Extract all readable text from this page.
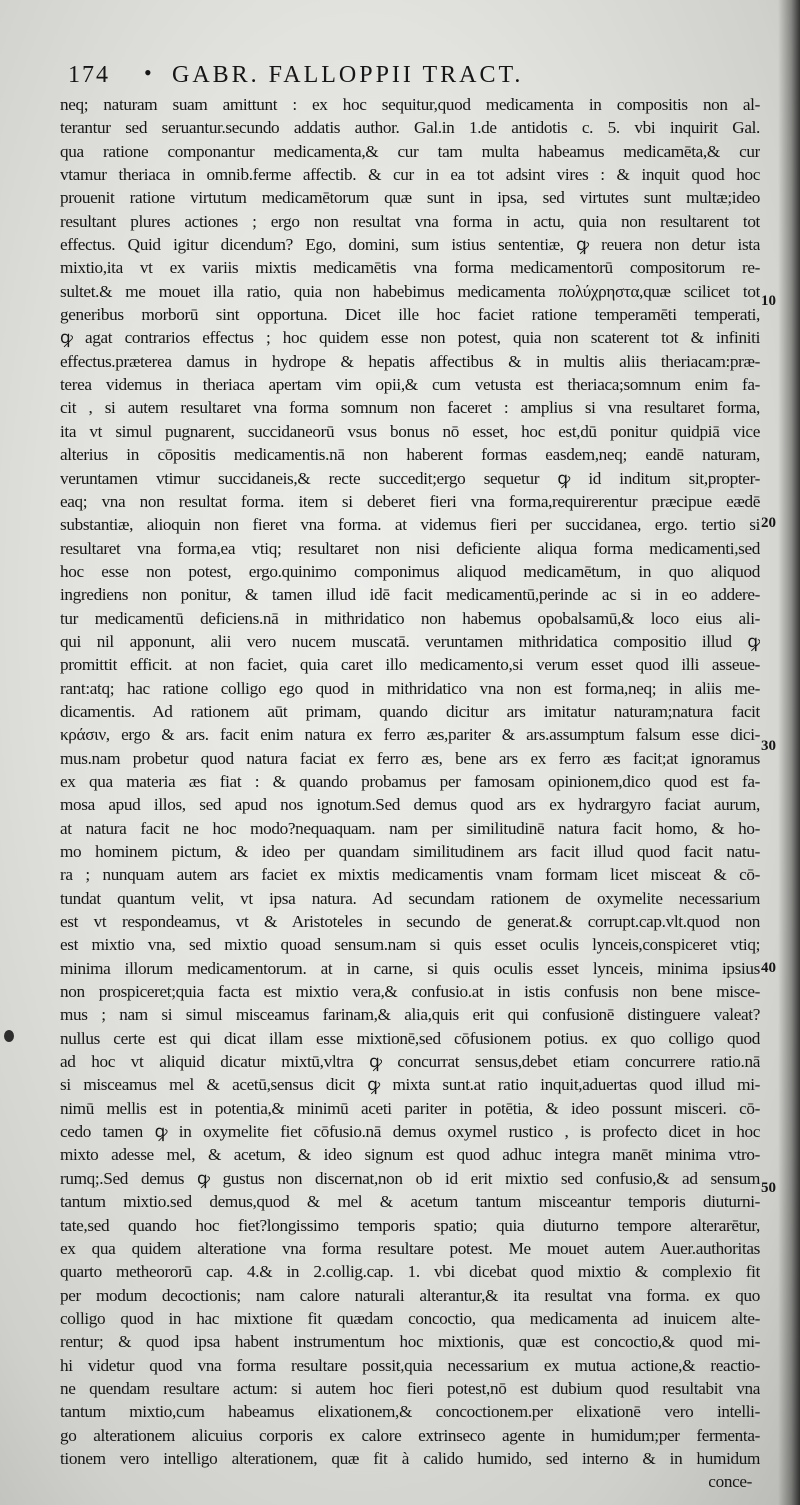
174 • GABR. FALLOPPII TRACT.
neq; naturam suam amittunt : ex hoc sequitur,quod medicamenta in compositis non al-
terantur sed seruantur.secundo addatis author. Gal.in 1.de antidotis c. 5. vbi inquirit Gal.
qua ratione componantur medicamenta,& cur tam multa habeamus medicamēta,& cur
vtamur theriaca in omnib.ferme affectib. & cur in ea tot adsint vires : & inquit quod hoc
prouenit ratione virtutum medicamētorum quæ sunt in ipsa, sed virtutes sunt multæ;ideo
resultant plures actiones ; ergo non resultat vna forma in actu, quia non resultarent tot
effectus. Quid igitur dicendum? Ego, domini, sum istius sententiæ, ꝙ reuera non detur ista
mixtio,ita vt ex variis mixtis medicamētis vna forma medicamentorū compositorum re-
sultet.& me mouet illa ratio, quia non habebimus medicamenta πολύχρηστα,quæ scilicet tot
generibus morborū sint opportuna. Dicet ille hoc faciet ratione temperamēti temperati,
ꝙ agat contrarios effectus ; hoc quidem esse non potest, quia non scaterent tot & infiniti
effectus.præterea damus in hydrope & hepatis affectibus & in multis aliis theriacam:præ-
terea videmus in theriaca apertam vim opii,& cum vetusta est theriaca;somnum enim fa-
cit , si autem resultaret vna forma somnum non faceret : amplius si vna resultaret forma,
ita vt simul pugnarent, succidaneorū vsus bonus nō esset, hoc est,dū ponitur quidpiā vice
alterius in cōpositis medicamentis.nā non haberent formas easdem,neq; eandē naturam,
veruntamen vtimur succidaneis,& recte succedit;ergo sequetur ꝙ id inditum sit,propter-
eaq; vna non resultat forma. item si deberet fieri vna forma,requirerentur præcipue eædē
substantiæ, alioquin non fieret vna forma. at videmus fieri per succidanea, ergo. tertio si
resultaret vna forma,ea vtiq; resultaret non nisi deficiente aliqua forma medicamenti,sed
hoc esse non potest, ergo.quinimo componimus aliquod medicamētum, in quo aliquod
ingrediens non ponitur, & tamen illud idē facit medicamentū,perinde ac si in eo addere-
tur medicamentū deficiens.nā in mithridatico non habemus opobalsamū,& loco eius ali-
qui nil apponunt, alii vero nucem muscatā. veruntamen mithridatica compositio illud ꝙ
promittit efficit. at non faciet, quia caret illo medicamento,si verum esset quod illi asseue-
rant:atq; hac ratione colligo ego quod in mithridatico vna non est forma,neq; in aliis me-
dicamentis. Ad rationem aūt primam, quando dicitur ars imitatur naturam;natura facit
κράσιν, ergo & ars. facit enim natura ex ferro æs,pariter & ars.assumptum falsum esse dici-
mus.nam probetur quod natura faciat ex ferro æs, bene ars ex ferro æs facit;at ignoramus
ex qua materia æs fiat : & quando probamus per famosam opinionem,dico quod est fa-
mosa apud illos, sed apud nos ignotum.Sed demus quod ars ex hydrargyro faciat aurum,
at natura facit ne hoc modo?nequaquam. nam per similitudinē natura facit homo, & ho-
mo hominem pictum, & ideo per quandam similitudinem ars facit illud quod facit natu-
ra ; nunquam autem ars faciet ex mixtis medicamentis vnam formam licet misceat & cō-
tundat quantum velit, vt ipsa natura. Ad secundam rationem de oxymelite necessarium
est vt respondeamus, vt & Aristoteles in secundo de generat.& corrupt.cap.vlt.quod non
est mixtio vna, sed mixtio quoad sensum.nam si quis esset oculis lynceis,conspiceret vtiq;
minima illorum medicamentorum. at in carne, si quis oculis esset lynceis, minima ipsius
non prospiceret;quia facta est mixtio vera,& confusio.at in istis confusis non bene misce-
mus ; nam si simul misceamus farinam,& alia,quis erit qui confusionē distinguere valeat?
nullus certe est qui dicat illam esse mixtionē,sed cōfusionem potius. ex quo colligo quod
ad hoc vt aliquid dicatur mixtū,vltra ꝙ concurrat sensus,debet etiam concurrere ratio.nā
si misceamus mel & acetū,sensus dicit ꝙ mixta sunt.at ratio inquit,aduertas quod illud mi-
nimū mellis est in potentia,& minimū aceti pariter in potētia, & ideo possunt misceri. cō-
cedo tamen ꝙ in oxymelite fiet cōfusio.nā demus oxymel rustico , is profecto dicet in hoc
mixto adesse mel, & acetum, & ideo signum est quod adhuc integra manēt minima vtro-
rumq;.Sed demus ꝙ gustus non discernat,non ob id erit mixtio sed confusio,& ad sensum
tantum mixtio.sed demus,quod & mel & acetum tantum misceantur temporis diuturni-
tate,sed quando hoc fiet?longissimo temporis spatio; quia diuturno tempore alterarētur,
ex qua quidem alteratione vna forma resultare potest. Me mouet autem Auer.authoritas
quarto metheororū cap. 4.& in 2.collig.cap. 1. vbi dicebat quod mixtio & complexio fit
per modum decoctionis; nam calore naturali alterantur,& ita resultat vna forma. ex quo
colligo quod in hac mixtione fit quædam concoctio, qua medicamenta ad inuicem alte-
rentur; & quod ipsa habent instrumentum hoc mixtionis, quæ est concoctio,& quod mi-
hi videtur quod vna forma resultare possit,quia necessarium ex mutua actione,& reactio-
ne quendam resultare actum: si autem hoc fieri potest,nō est dubium quod resultabit vna
tantum mixtio,cum habeamus elixationem,& concoctionem.per elixationē vero intelli-
go alterationem alicuius corporis ex calore extrinseco agente in humidum;per fermenta-
tionem vero intelligo alterationem, quæ fit à calido humido, sed interno & in humidum
conce-
10
20
30
40
50
